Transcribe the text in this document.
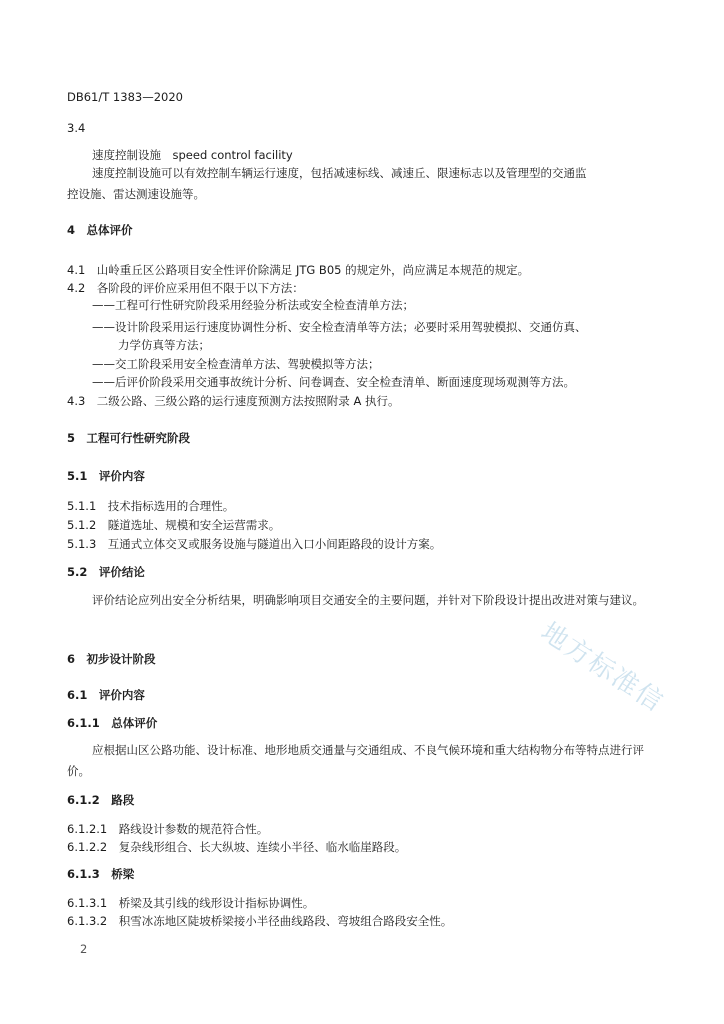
地方标准信
DB61/T 1383—2020
3.4
速度控制设施　speed control facility
速度控制设施可以有效控制车辆运行速度，包括减速标线、减速丘、限速标志以及管理型的交通监
控设施、雷达测速设施等。
4　总体评价
4.1　山岭重丘区公路项目安全性评价除满足 JTG B05 的规定外，尚应满足本规范的规定。
4.2　各阶段的评价应采用但不限于以下方法：
——工程可行性研究阶段采用经验分析法或安全检查清单方法；
——设计阶段采用运行速度协调性分析、安全检查清单等方法；必要时采用驾驶模拟、交通仿真、
力学仿真等方法；
——交工阶段采用安全检查清单方法、驾驶模拟等方法；
——后评价阶段采用交通事故统计分析、问卷调查、安全检查清单、断面速度现场观测等方法。
4.3　二级公路、三级公路的运行速度预测方法按照附录 A 执行。
5　工程可行性研究阶段
5.1　评价内容
5.1.1　技术指标选用的合理性。
5.1.2　隧道选址、规模和安全运营需求。
5.1.3　互通式立体交叉或服务设施与隧道出入口小间距路段的设计方案。
5.2　评价结论
评价结论应列出安全分析结果，明确影响项目交通安全的主要问题，并针对下阶段设计提出改进对策与建议。
6　初步设计阶段
6.1　评价内容
6.1.1　总体评价
应根据山区公路功能、设计标准、地形地质交通量与交通组成、不良气候环境和重大结构物分布等特点进行评价。
6.1.2　路段
6.1.2.1　路线设计参数的规范符合性。
6.1.2.2　复杂线形组合、长大纵坡、连续小半径、临水临崖路段。
6.1.3　桥梁
6.1.3.1　桥梁及其引线的线形设计指标协调性。
6.1.3.2　积雪冰冻地区陡坡桥梁接小半径曲线路段、弯坡组合路段安全性。
2
